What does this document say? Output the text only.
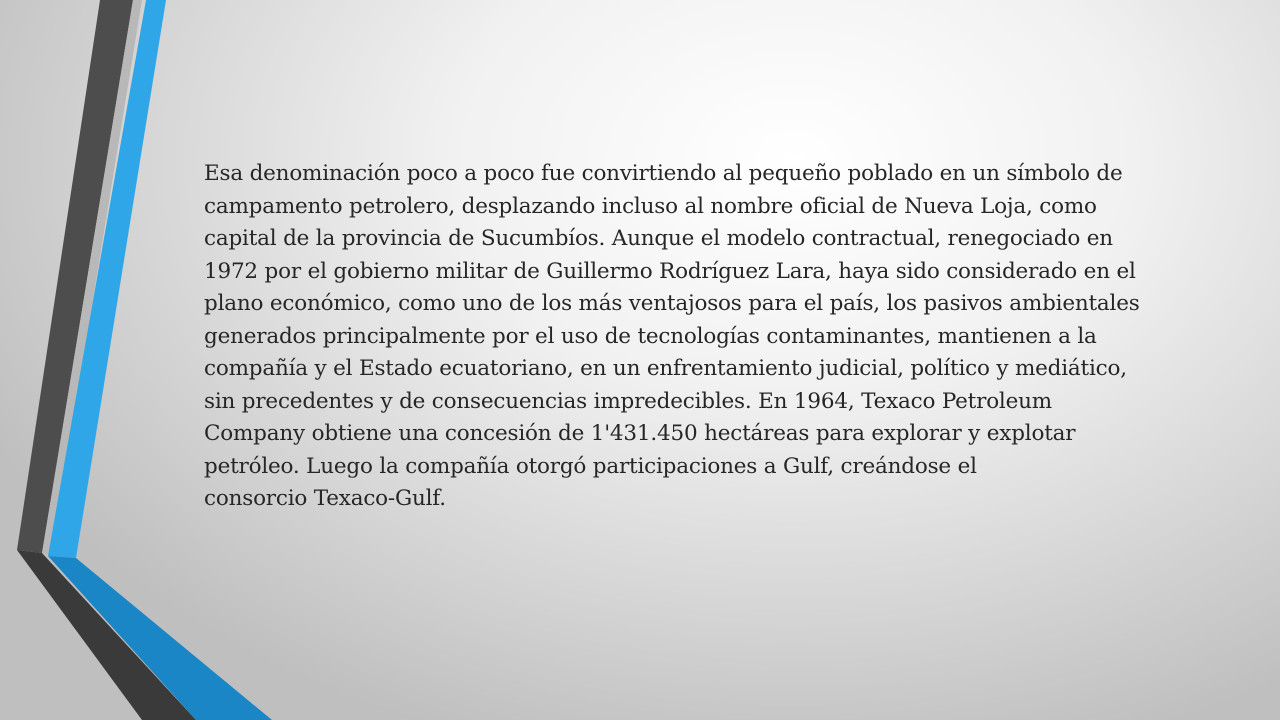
Esa denominación poco a poco fue convirtiendo al pequeño poblado en un símbolo de
campamento petrolero, desplazando incluso al nombre oficial de Nueva Loja, como
capital de la provincia de Sucumbíos. Aunque el modelo contractual, renegociado en
1972 por el gobierno militar de Guillermo Rodríguez Lara, haya sido considerado en el
plano económico, como uno de los más ventajosos para el país, los pasivos ambientales
generados principalmente por el uso de tecnologías contaminantes, mantienen a la
compañía y el Estado ecuatoriano, en un enfrentamiento judicial, político y mediático,
sin precedentes y de consecuencias impredecibles. En 1964, Texaco Petroleum
Company obtiene una concesión de 1'431.450 hectáreas para explorar y explotar
petróleo. Luego la compañía otorgó participaciones a Gulf, creándose el
consorcio Texaco-Gulf.
